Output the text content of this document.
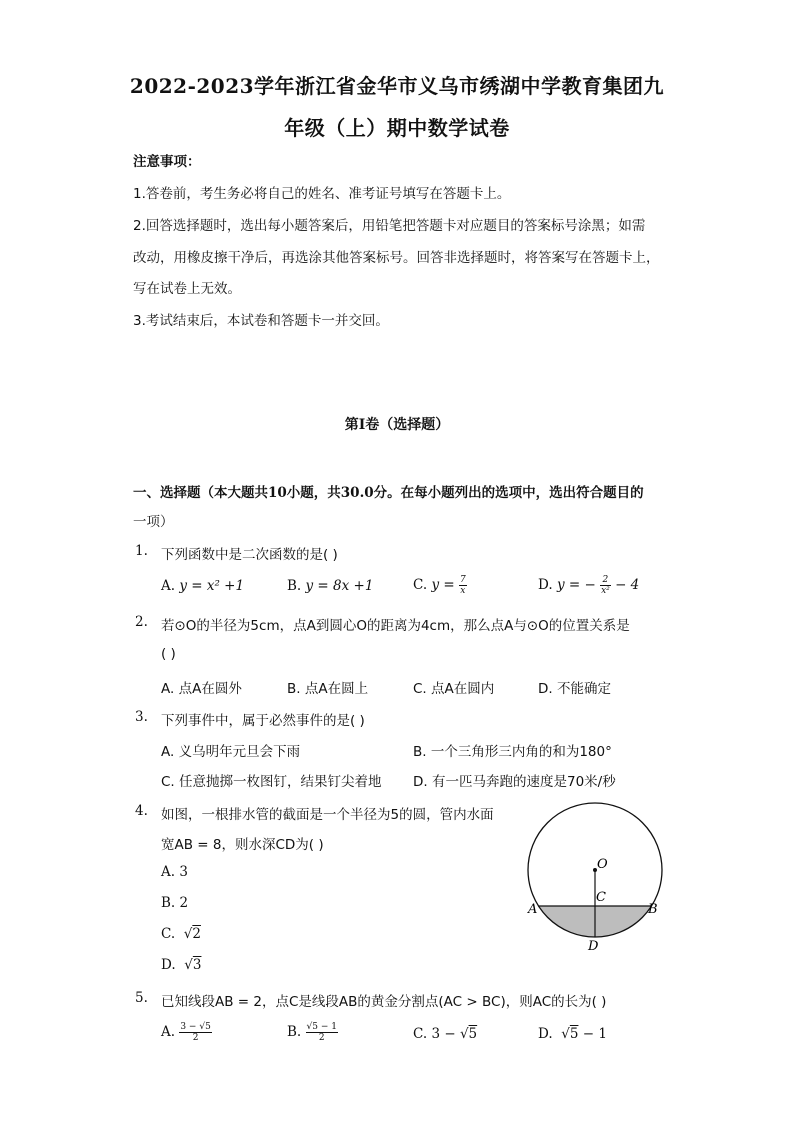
2022-2023学年浙江省金华市义乌市绣湖中学教育集团九
年级（上）期中数学试卷
注意事项：
1.答卷前，考生务必将自己的姓名、准考证号填写在答题卡上。
2.回答选择题时，选出每小题答案后，用铅笔把答题卡对应题目的答案标号涂黑；如需
改动，用橡皮擦干净后，再选涂其他答案标号。回答非选择题时，将答案写在答题卡上，
写在试卷上无效。
3.考试结束后，本试卷和答题卡一并交回。
第I卷（选择题）
一、选择题（本大题共10小题，共30.0分。在每小题列出的选项中，选出符合题目的
一项）
1. 下列函数中是二次函数的是( )
A. y = x² +1	B. y = 8x +1	C. $y = \frac{7}{x}$	D. y = − $\frac{2}{\text{x²}} - 4$
2. 若⊙O的半径为5cm，点A到圆心O的距离为4cm，那么点A与⊙O的位置关系是
( )
A. 点A在圆外	B. 点A在圆上	C. 点A在圆内	D. 不能确定
3. 下列事件中，属于必然事件的是( )
A. 义乌明年元旦会下雨	B. 一个三角形三内角的和为180°
C. 任意抛掷一枚图钉，结果钉尖着地 D. 有一匹马奔跑的速度是70米/秒
4. 如图，一根排水管的截面是一个半径为5的圆，管内水面
宽AB = 8，则水深CD为( )
A. 3
B. 2
C.  √2
D.  √3
O
A	B
C
D
5. 已知线段AB = 2，点C是线段AB的黄金分割点(AC > BC)，则AC的长为( )
A. $\frac{3 - √5}{2}$	B. $\frac{√5 - 1}{2}$	C. 3 − √5	D.  √5 − 1
